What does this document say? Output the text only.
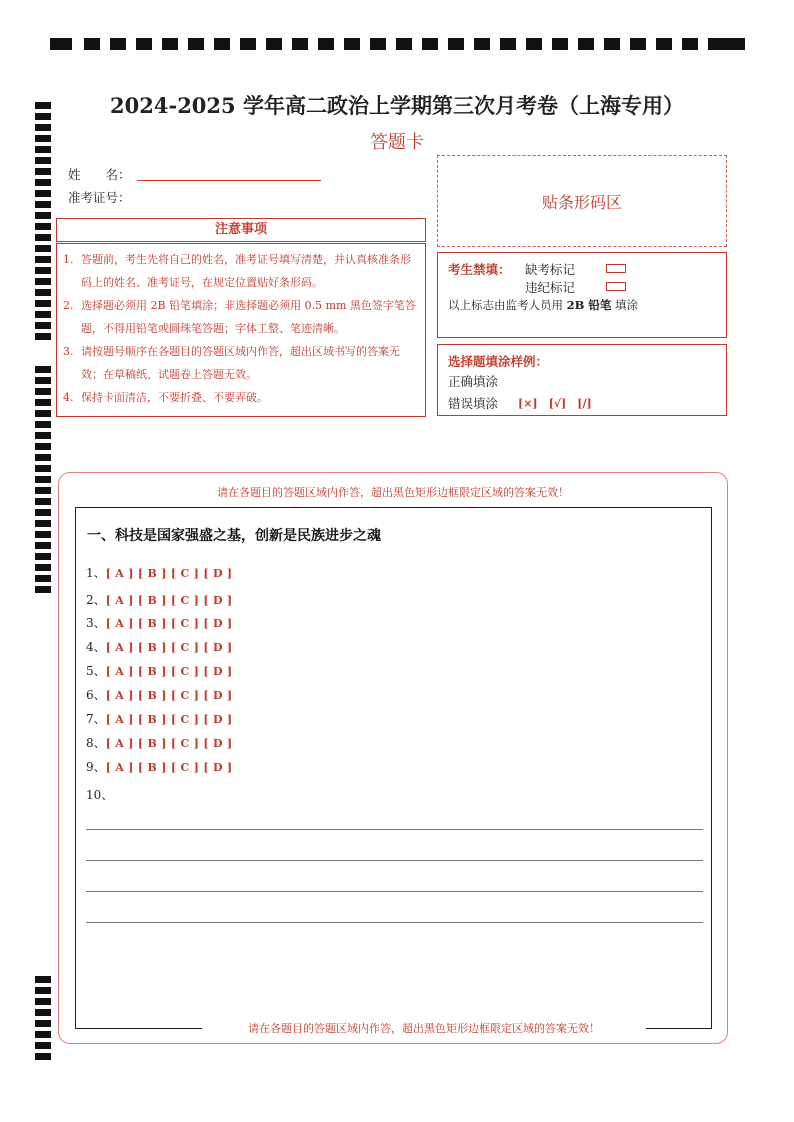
2024-2025 学年高二政治上学期第三次月考卷（上海专用）
答题卡
姓　　名：
准考证号：	贴条形码区
注意事项
1. 答题前，考生先将自己的姓名，准考证号填写清楚，并认真核准条形码上的姓名、准考证号，在规定位置贴好条形码。
2. 选择题必须用 2B 铅笔填涂；非选择题必须用 0.5 mm 黑色签字笔答题，不得用铅笔或圆珠笔答题；字体工整、笔迹清晰。
3. 请按题号顺序在各题目的答题区域内作答，超出区域书写的答案无效；在草稿纸、试题卷上答题无效。
4. 保持卡面清洁，不要折叠、不要弄破。
考生禁填： 缺考标记
违纪标记
以上标志由监考人员用 2B 铅笔 填涂
选择题填涂样例：
正确填涂
错误填涂 [×]　[√]　[/]
请在各题目的答题区域内作答，超出黑色矩形边框限定区域的答案无效！
请在各题目的答题区域内作答，超出黑色矩形边框限定区域的答案无效！
一、科技是国家强盛之基，创新是民族进步之魂
1、[ A ] [ B ] [ C ] [ D ]
2、[ A ] [ B ] [ C ] [ D ]
3、[ A ] [ B ] [ C ] [ D ]
4、[ A ] [ B ] [ C ] [ D ]
5、[ A ] [ B ] [ C ] [ D ]
6、[ A ] [ B ] [ C ] [ D ]
7、[ A ] [ B ] [ C ] [ D ]
8、[ A ] [ B ] [ C ] [ D ]
9、[ A ] [ B ] [ C ] [ D ]
10、
